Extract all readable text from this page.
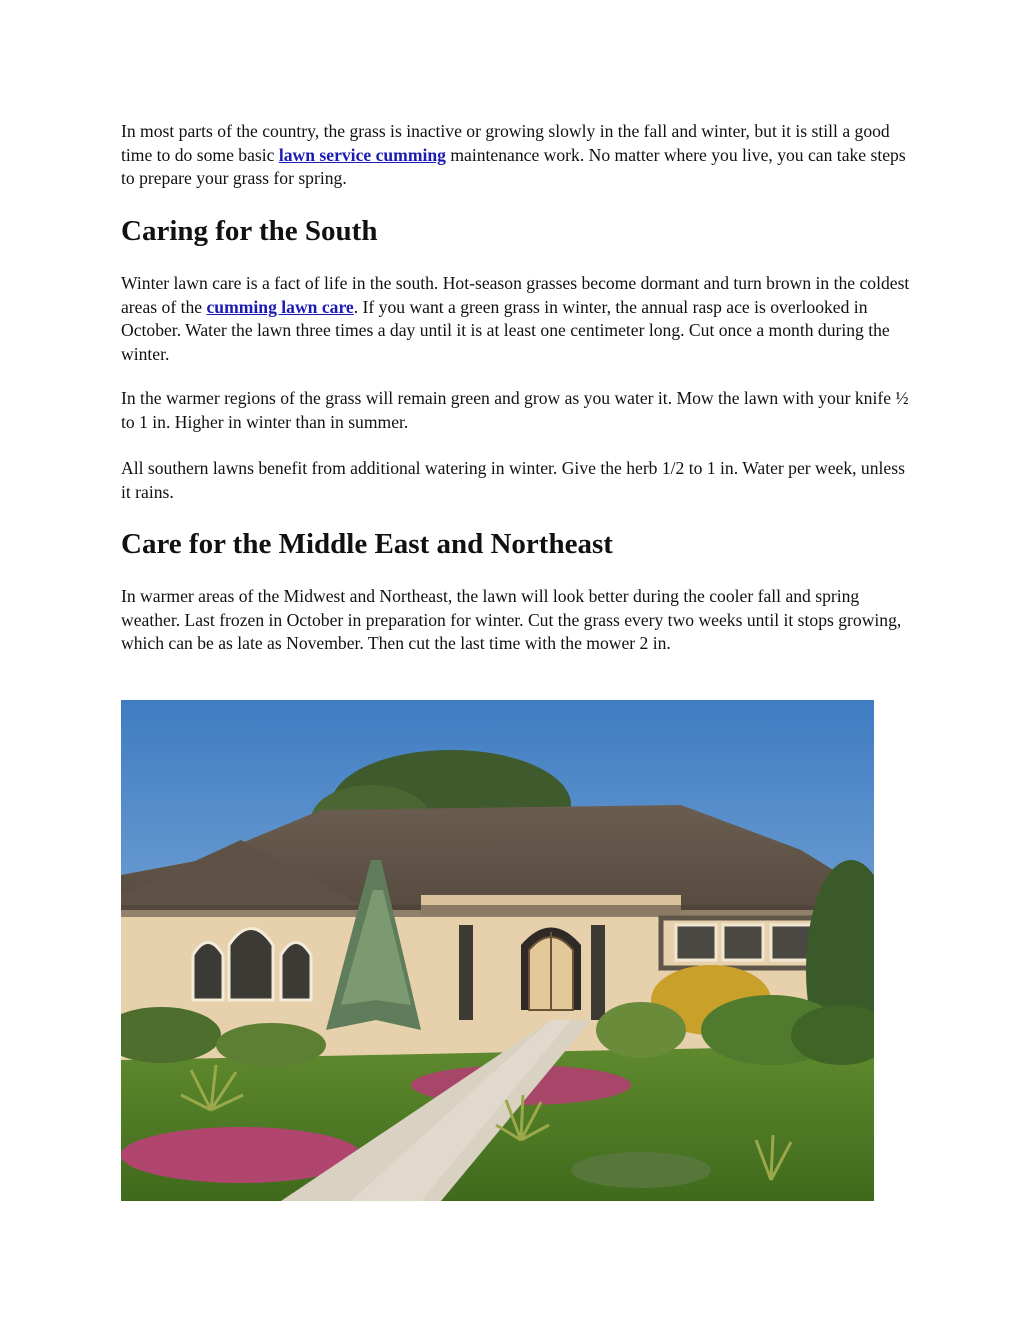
In most parts of the country, the grass is inactive or growing slowly in the fall and winter, but it is still a good time to do some basic lawn service cumming maintenance work. No matter where you live, you can take steps to prepare your grass for spring.

Caring for the South

Winter lawn care is a fact of life in the south. Hot-season grasses become dormant and turn brown in the coldest areas of the cumming lawn care. If you want a green grass in winter, the annual rasp ace is overlooked in October. Water the lawn three times a day until it is at least one centimeter long. Cut once a month during the winter.

In the warmer regions of the grass will remain green and grow as you water it. Mow the lawn with your knife ½ to 1 in. Higher in winter than in summer.

All southern lawns benefit from additional watering in winter. Give the herb 1/2 to 1 in. Water per week, unless it rains.

Care for the Middle East and Northeast

In warmer areas of the Midwest and Northeast, the lawn will look better during the cooler fall and spring weather. Last frozen in October in preparation for winter. Cut the grass every two weeks until it stops growing, which can be as late as November. Then cut the last time with the mower 2 in.
